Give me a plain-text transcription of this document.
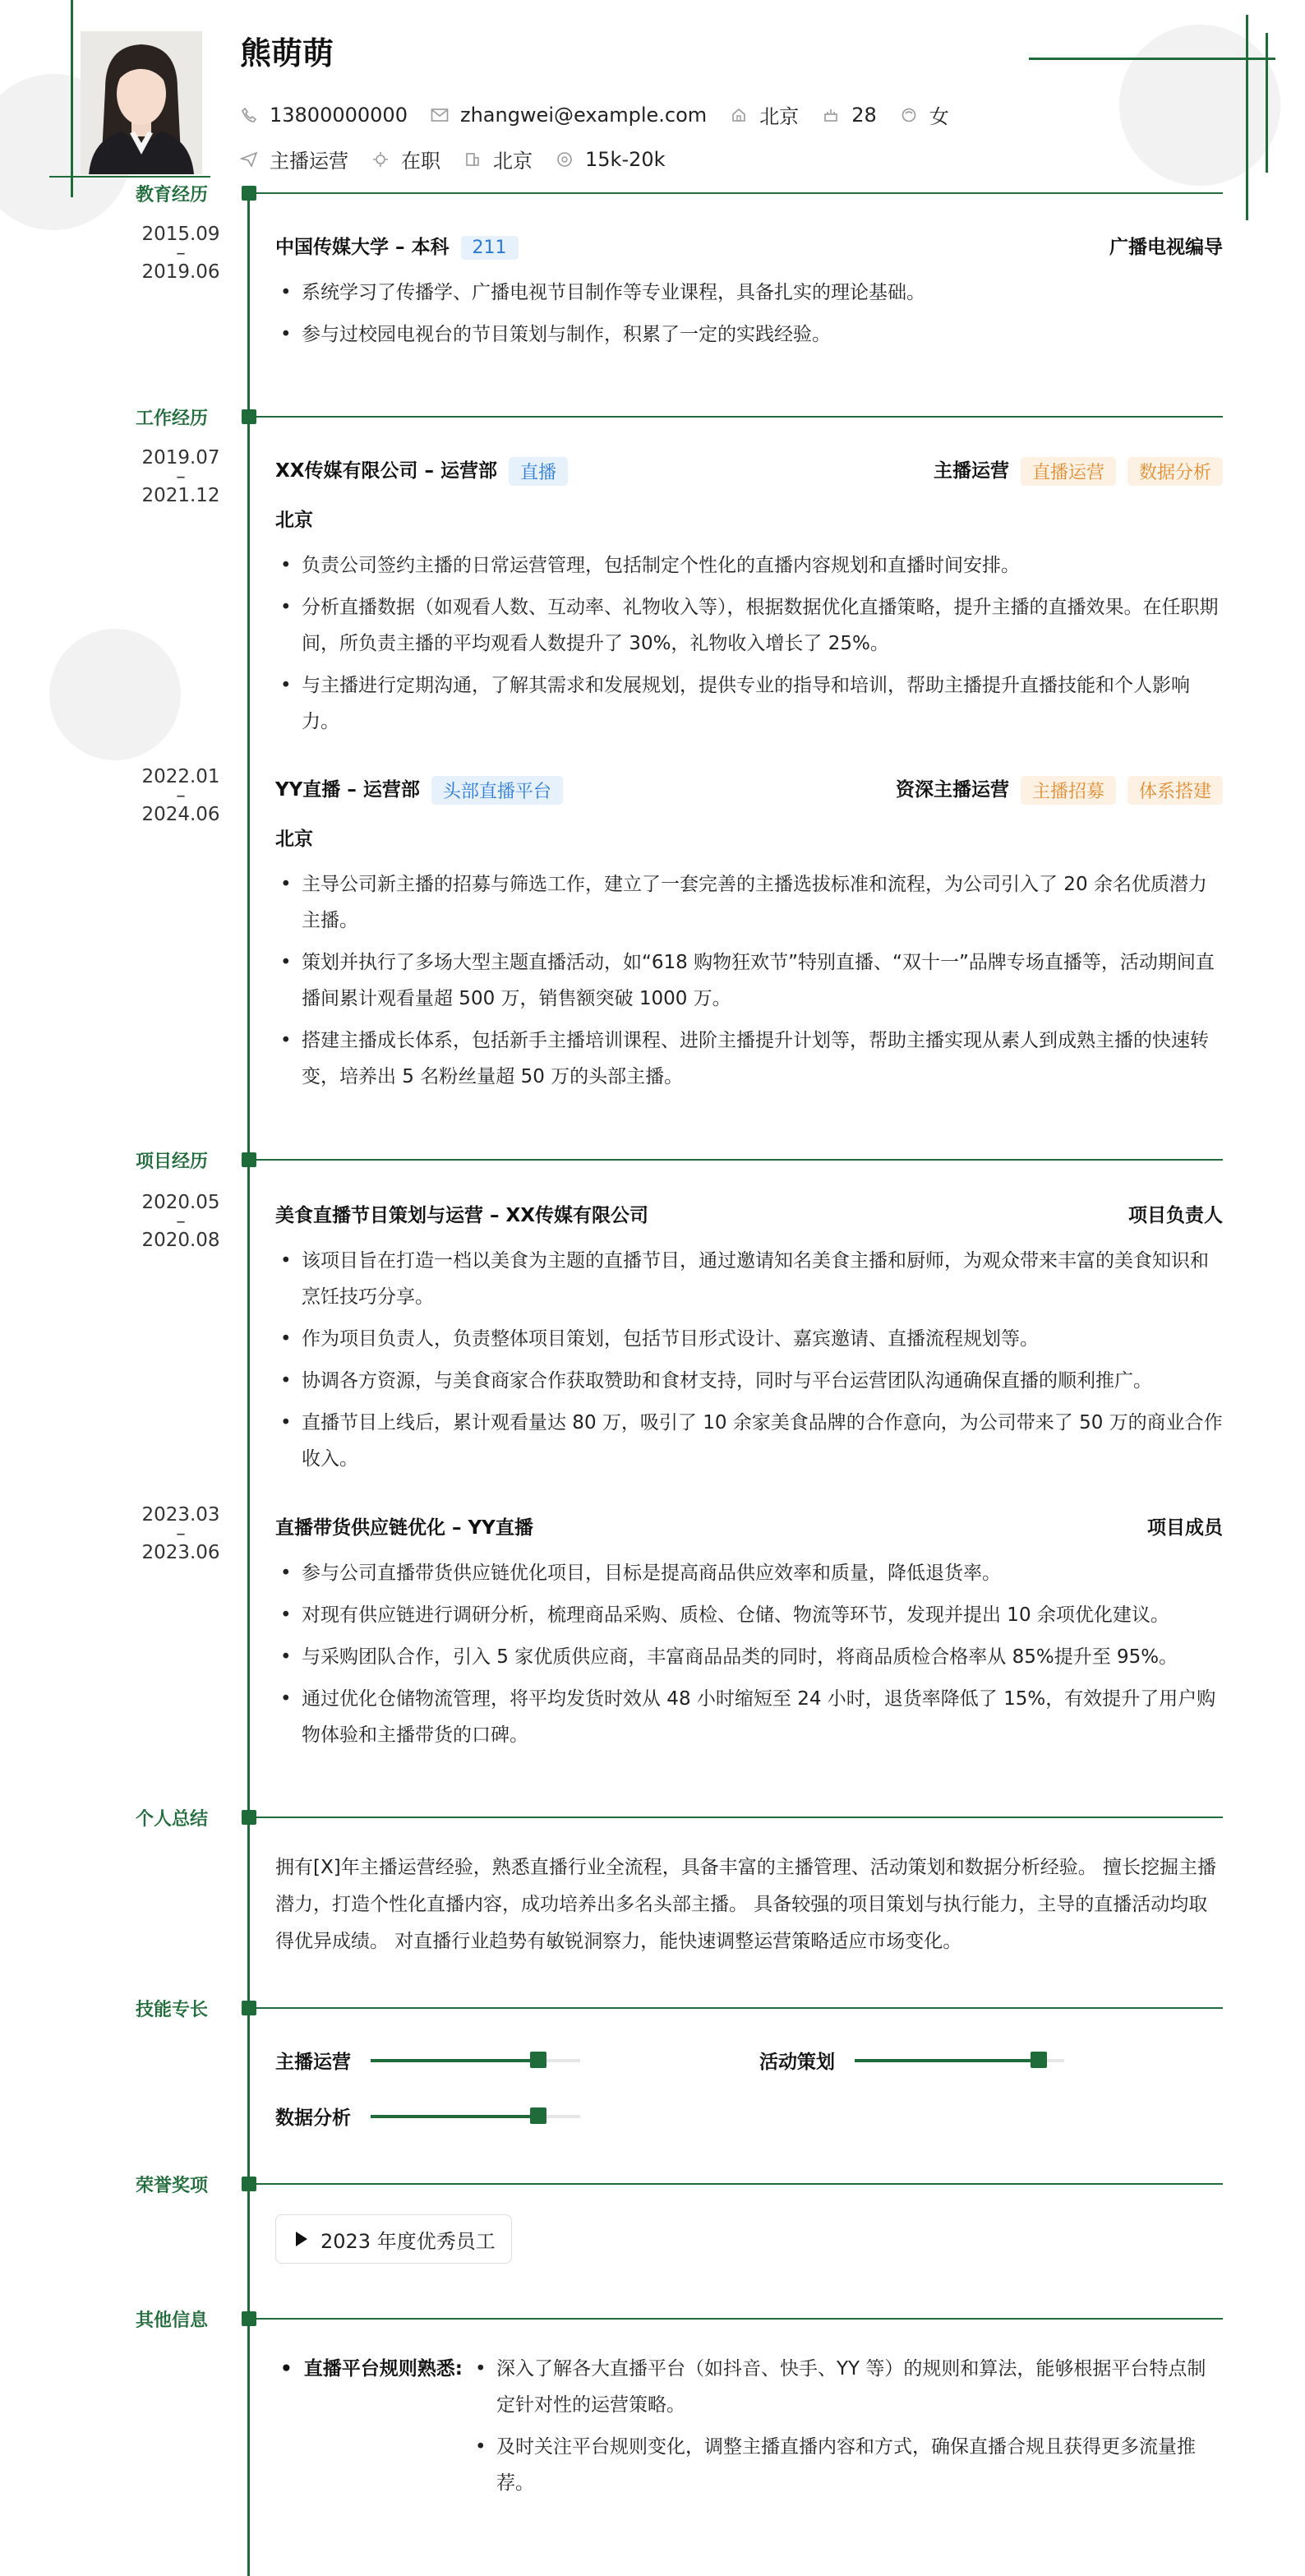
熊萌萌
13800000000	zhangwei@example.com	北京	28	女
主播运营	在职	北京	15k-20k
教育经历
2015.09
–
2019.06
中国传媒大学 – 本科 211	广播电视编导
• 系统学习了传播学、广播电视节目制作等专业课程，具备扎实的理论基础。
• 参与过校园电视台的节目策划与制作，积累了一定的实践经验。
工作经历
2019.07
–
2021.12
XX传媒有限公司 – 运营部 直播	主播运营 直播运营 数据分析
北京
• 负责公司签约主播的日常运营管理，包括制定个性化的直播内容规划和直播时间安排。
• 分析直播数据（如观看人数、互动率、礼物收入等），根据数据优化直播策略，提升主播的直播效果。在任职期间，所负责主播的平均观看人数提升了 30%，礼物收入增长了 25%。
• 与主播进行定期沟通，了解其需求和发展规划，提供专业的指导和培训，帮助主播提升直播技能和个人影响力。
2022.01
–
2024.06
YY直播 – 运营部 头部直播平台	资深主播运营 主播招募 体系搭建
北京
• 主导公司新主播的招募与筛选工作，建立了一套完善的主播选拔标准和流程，为公司引入了 20 余名优质潜力主播。
• 策划并执行了多场大型主题直播活动，如“618 购物狂欢节”特别直播、“双十一”品牌专场直播等，活动期间直播间累计观看量超 500 万，销售额突破 1000 万。
• 搭建主播成长体系，包括新手主播培训课程、进阶主播提升计划等，帮助主播实现从素人到成熟主播的快速转变，培养出 5 名粉丝量超 50 万的头部主播。
项目经历
2020.05
–
2020.08
美食直播节目策划与运营 – XX传媒有限公司	项目负责人
• 该项目旨在打造一档以美食为主题的直播节目，通过邀请知名美食主播和厨师，为观众带来丰富的美食知识和烹饪技巧分享。
• 作为项目负责人，负责整体项目策划，包括节目形式设计、嘉宾邀请、直播流程规划等。
• 协调各方资源，与美食商家合作获取赞助和食材支持，同时与平台运营团队沟通确保直播的顺利推广。
• 直播节目上线后，累计观看量达 80 万，吸引了 10 余家美食品牌的合作意向，为公司带来了 50 万的商业合作收入。
2023.03
–
2023.06
直播带货供应链优化 – YY直播	项目成员
• 参与公司直播带货供应链优化项目，目标是提高商品供应效率和质量，降低退货率。
• 对现有供应链进行调研分析，梳理商品采购、质检、仓储、物流等环节，发现并提出 10 余项优化建议。
• 与采购团队合作，引入 5 家优质供应商，丰富商品品类的同时，将商品质检合格率从 85%提升至 95%。
• 通过优化仓储物流管理，将平均发货时效从 48 小时缩短至 24 小时，退货率降低了 15%，有效提升了用户购物体验和主播带货的口碑。
个人总结
拥有[X]年主播运营经验，熟悉直播行业全流程，具备丰富的主播管理、活动策划和数据分析经验。 擅长挖掘主播潜力，打造个性化直播内容，成功培养出多名头部主播。 具备较强的项目策划与执行能力，主导的直播活动均取得优异成绩。 对直播行业趋势有敏锐洞察力，能快速调整运营策略适应市场变化。
技能专长
主播运营	活动策划
数据分析
荣誉奖项
2023 年度优秀员工
其他信息
• 直播平台规则熟悉:
•	深入了解各大直播平台（如抖音、快手、YY 等）的规则和算法，能够根据平台特点制定针对性的运营策略。
• 及时关注平台规则变化，调整主播直播内容和方式，确保直播合规且获得更多流量推荐。
